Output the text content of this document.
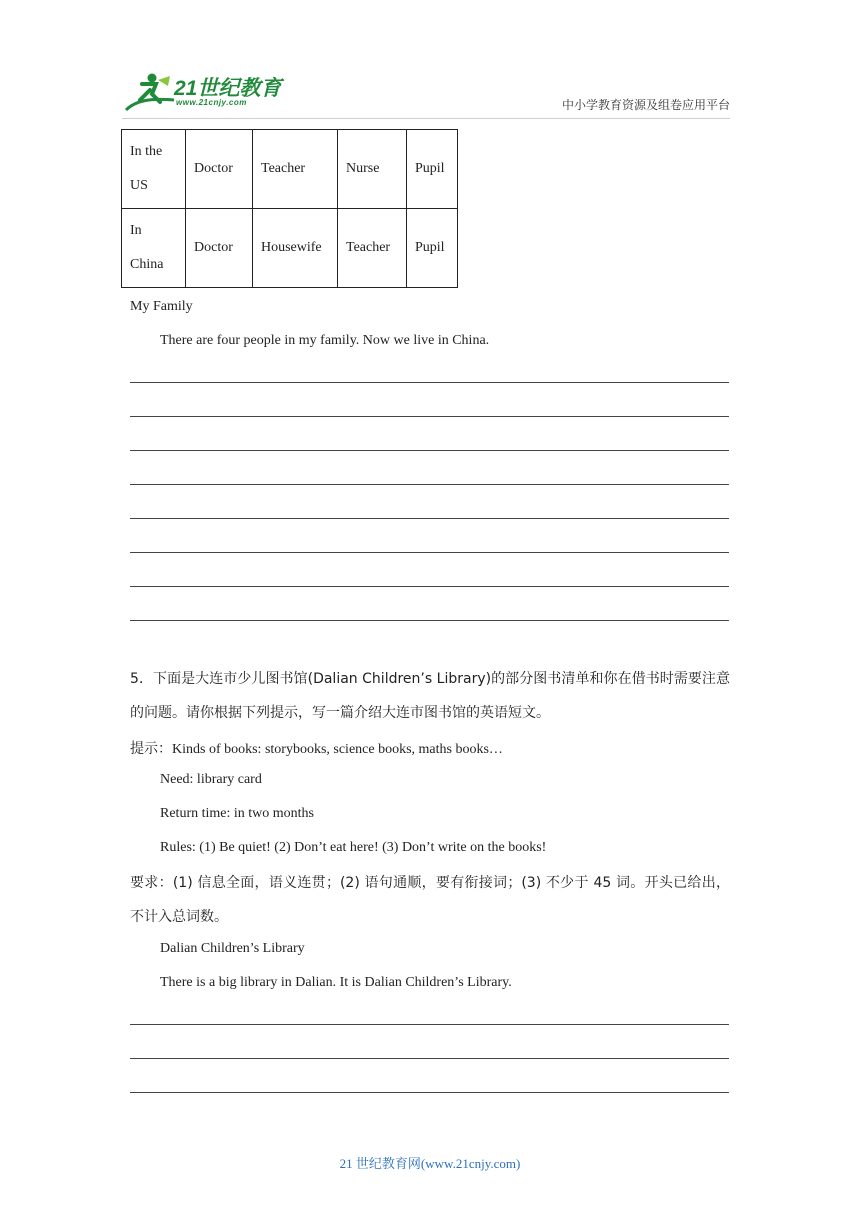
21世纪教育
www.21cnjy.com	中小学教育资源及组卷应用平台
In the US	Doctor	Teacher	Nurse	Pupil
In China	Doctor	Housewife	Teacher	Pupil
My Family
There are four people in my family. Now we live in China.
5．下面是大连市少儿图书馆(Dalian Children’s Library)的部分图书清单和你在借书时需要注意的问题。请你根据下列提示，写一篇介绍大连市图书馆的英语短文。
提示：Kinds of books: storybooks, science books, maths books…
Need: library card
Return time: in two months
Rules: (1) Be quiet! (2) Don’t eat here! (3) Don’t write on the books!
要求：(1) 信息全面，语义连贯；(2) 语句通顺，要有衔接词；(3) 不少于 45 词。开头已给出，不计入总词数。
Dalian Children’s Library
There is a big library in Dalian. It is Dalian Children’s Library.
21 世纪教育网(www.21cnjy.com)
